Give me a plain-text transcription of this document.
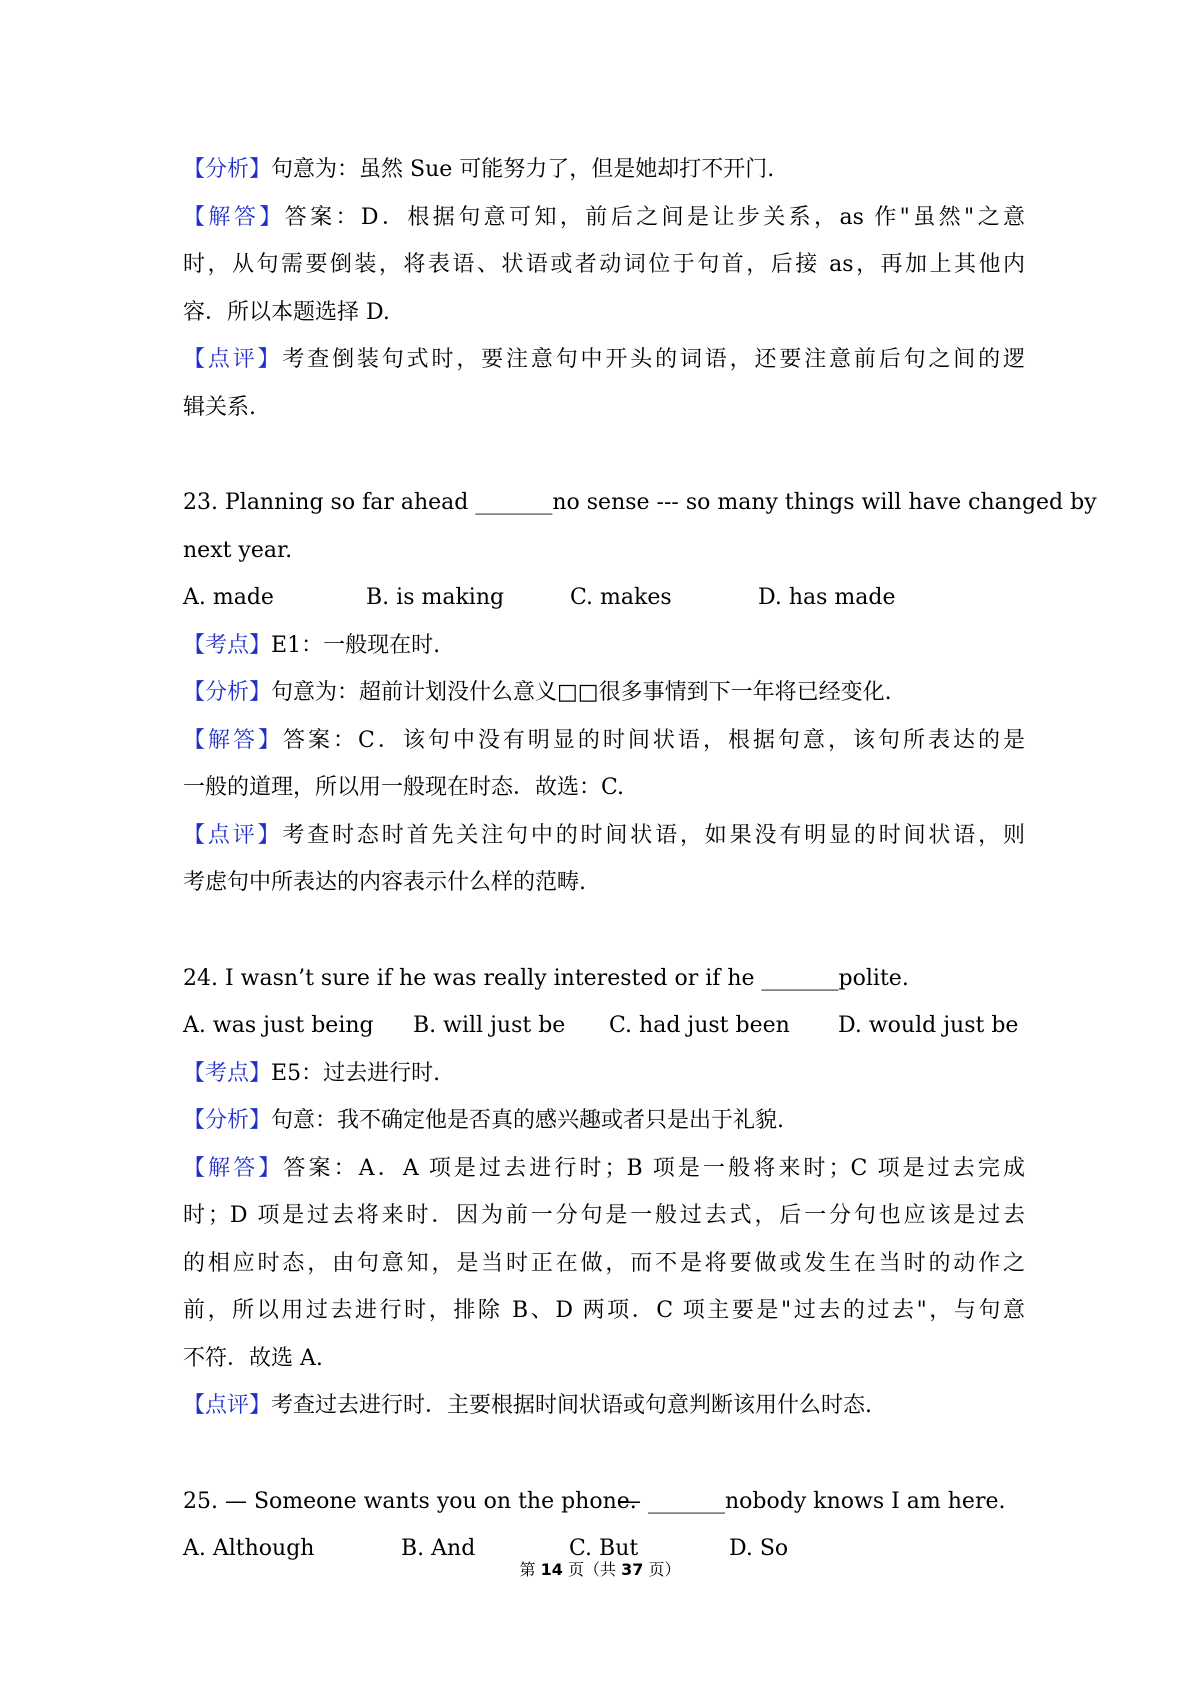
【分析】句意为：虽然 Sue 可能努力了，但是她却打不开门.
【解答】答案：D．根据句意可知，前后之间是让步关系，as 作"虽然"之意
时，从句需要倒装，将表语、状语或者动词位于句首，后接 as，再加上其他内
容．所以本题选择 D.
【点评】考查倒装句式时，要注意句中开头的词语，还要注意前后句之间的逻
辑关系.
23. Planning so far ahead _______no sense --- so many things will have changed by
next year.
A. made	B. is making	C. makes	D. has made
【考点】E1：一般现在时.
【分析】句意为：超前计划没什么意义□□很多事情到下一年将已经变化.
【解答】答案：C．该句中没有明显的时间状语，根据句意，该句所表达的是
一般的道理，所以用一般现在时态．故选：C.
【点评】考查时态时首先关注句中的时间状语，如果没有明显的时间状语，则
考虑句中所表达的内容表示什么样的范畴.
24. I wasn’t sure if he was really interested or if he _______polite.
A. was just being	B. will just be	C. had just been	D. would just be
【考点】E5：过去进行时.
【分析】句意：我不确定他是否真的感兴趣或者只是出于礼貌.
【解答】答案：A．A 项是过去进行时；B 项是一般将来时；C 项是过去完成
时；D 项是过去将来时．因为前一分句是一般过去式，后一分句也应该是过去
的相应时态，由句意知，是当时正在做，而不是将要做或发生在当时的动作之
前，所以用过去进行时，排除 B、D 两项．C 项主要是"过去的过去"，与句意
不符．故选 A.
【点评】考查过去进行时．主要根据时间状语或句意判断该用什么时态.
25. — Someone wants you on the phone.
— _______nobody knows I am here.
A. Although	B. And	C. But	D. So
第 14 页（共 37 页）
